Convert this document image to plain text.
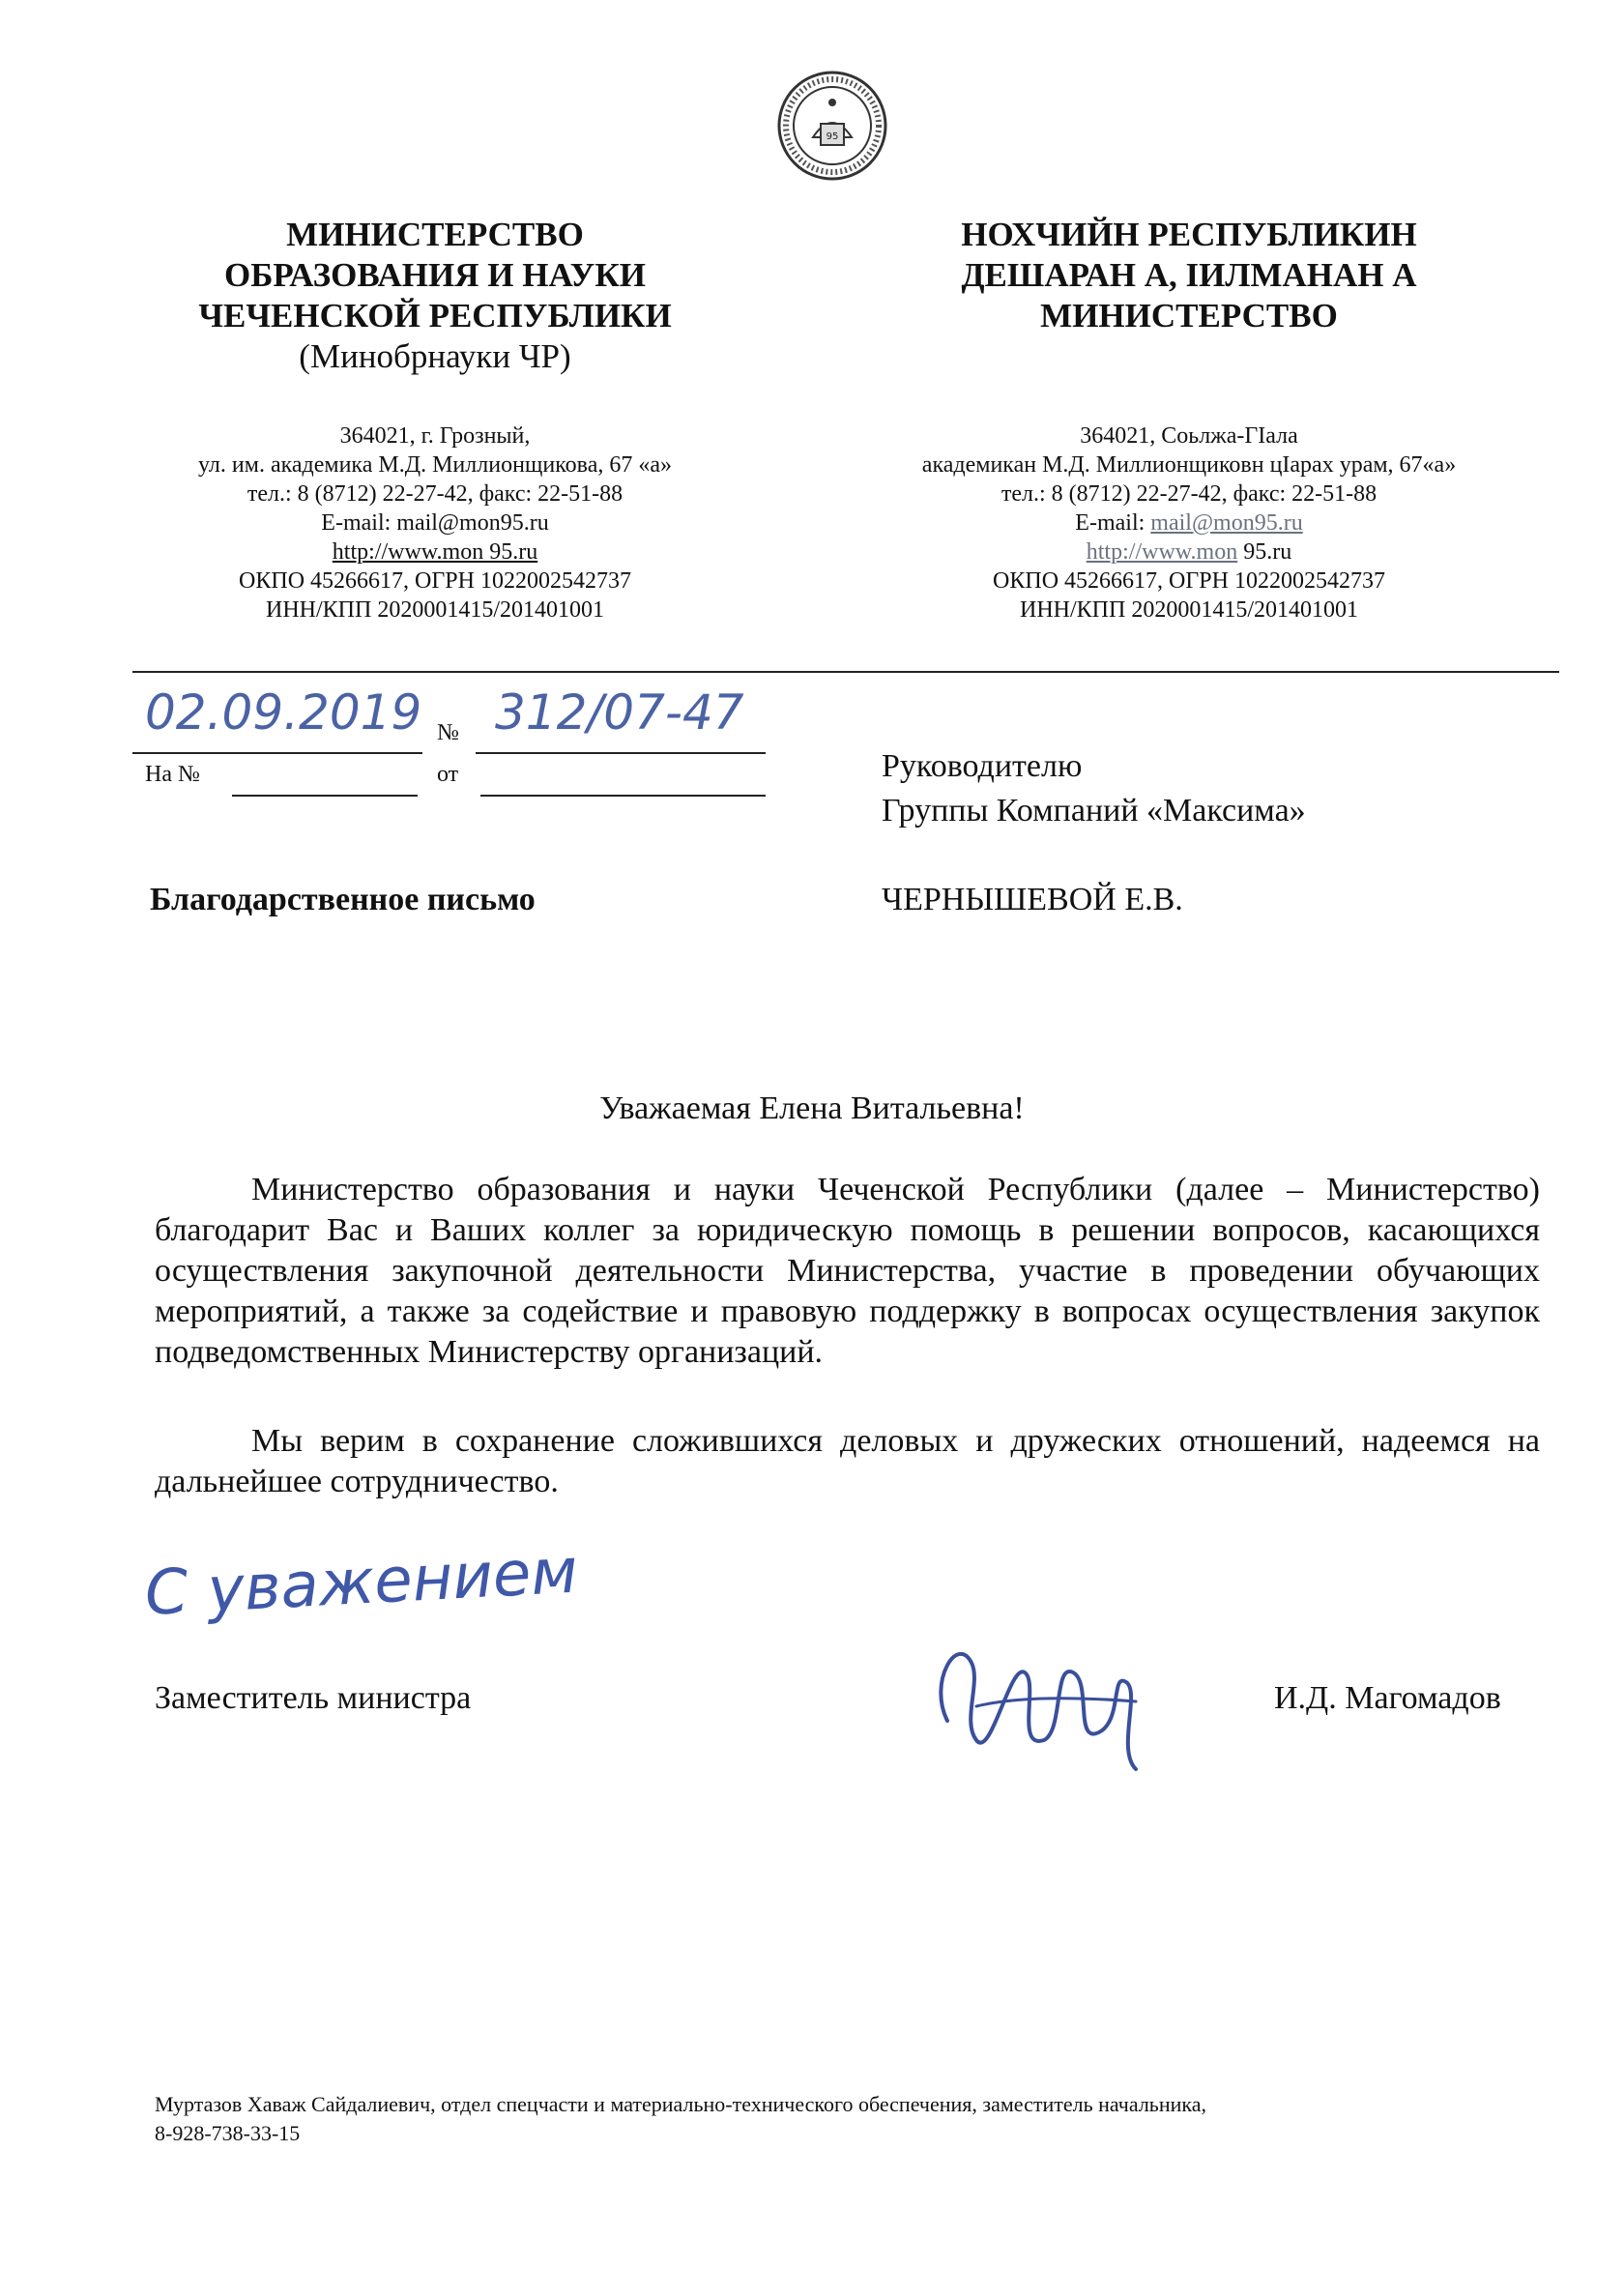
95
МИНИСТЕРСТВО
ОБРАЗОВАНИЯ И НАУКИ
ЧЕЧЕНСКОЙ РЕСПУБЛИКИ
(Минобрнауки ЧР)
НОХЧИЙН РЕСПУБЛИКИН
ДЕШАРАН А, ІИЛМАНАН А
МИНИСТЕРСТВО
364021, г. Грозный,
ул. им. академика М.Д. Миллионщикова, 67 «а»
тел.: 8 (8712) 22-27-42, факс: 22-51-88
E-mail: mail@mon95.ru
http://www.mon 95.ru
ОКПО 45266617, ОГРН 1022002542737
ИНН/КПП 2020001415/201401001
364021, Соьлжа-ГІала
академикан М.Д. Миллионщиковн цІарах урам, 67«а»
тел.: 8 (8712) 22-27-42, факс: 22-51-88
E-mail: mail@mon95.ru
http://www.mon 95.ru
ОКПО 45266617, ОГРН 1022002542737
ИНН/КПП 2020001415/201401001
02.09.2019 № 312/07-47
На №	от	Руководителю
Группы Компаний «Максима»
ЧЕРНЫШЕВОЙ Е.В.
Благодарственное письмо
Уважаемая Елена Витальевна!
Министерство образования и науки Чеченской Республики (далее – Министерство) благодарит Вас и Ваших коллег за юридическую помощь в решении вопросов, касающихся осуществления закупочной деятельности Министерства, участие в проведении обучающих мероприятий, а также за содействие и правовую поддержку в вопросах осуществления закупок подведомственных Министерству организаций.
Мы верим в сохранение сложившихся деловых и дружеских отношений, надеемся на дальнейшее сотрудничество.
С уважением
Заместитель министра	И.Д. Магомадов
Муртазов Хаваж Сайдалиевич, отдел спецчасти и материально-технического обеспечения, заместитель начальника,
8-928-738-33-15
